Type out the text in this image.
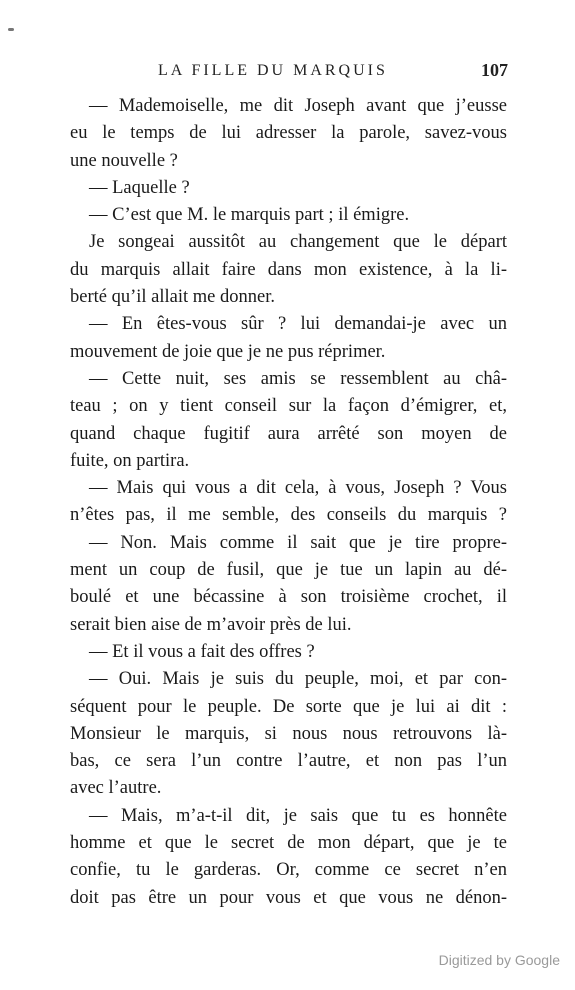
LA FILLE DU MARQUIS	107
— Mademoiselle, me dit Joseph avant que j’eusse
eu le temps de lui adresser la parole, savez-vous
une nouvelle ?
— Laquelle ?
— C’est que M. le marquis part ; il émigre.
Je songeai aussitôt au changement que le départ
du marquis allait faire dans mon existence, à la li-
berté qu’il allait me donner.
— En êtes-vous sûr ? lui demandai-je avec un
mouvement de joie que je ne pus réprimer.
— Cette nuit, ses amis se ressemblent au châ-
teau ; on y tient conseil sur la façon d’émigrer, et,
quand chaque fugitif aura arrêté son moyen de
fuite, on partira.
— Mais qui vous a dit cela, à vous, Joseph ? Vous
n’êtes pas, il me semble, des conseils du marquis ?
— Non. Mais comme il sait que je tire propre-
ment un coup de fusil, que je tue un lapin au dé-
boulé et une bécassine à son troisième crochet, il
serait bien aise de m’avoir près de lui.
— Et il vous a fait des offres ?
— Oui. Mais je suis du peuple, moi, et par con-
séquent pour le peuple. De sorte que je lui ai dit :
Monsieur le marquis, si nous nous retrouvons là-
bas, ce sera l’un contre l’autre, et non pas l’un
avec l’autre.
— Mais, m’a-t-il dit, je sais que tu es honnête
homme et que le secret de mon départ, que je te
confie, tu le garderas. Or, comme ce secret n’en
doit pas être un pour vous et que vous ne dénon-
Digitized by Google
